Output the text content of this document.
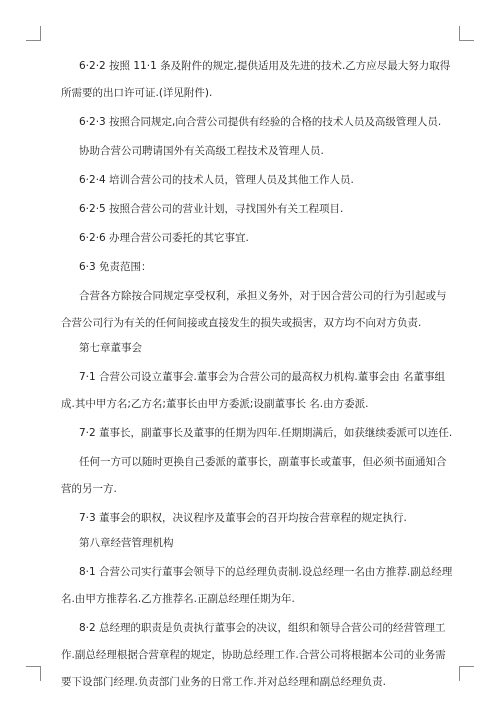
6·2·2 按照 11·1 条及附件的规定,提供适用及先进的技术.乙方应尽最大努力取得

所需要的出口许可证.(详见附件).

6·2·3 按照合同规定,向合营公司提供有经验的合格的技术人员及高级管理人员.

协助合营公司聘请国外有关高级工程技术及管理人员.

6·2·4 培训合营公司的技术人员，管理人员及其他工作人员.

6·2·5 按照合营公司的营业计划，寻找国外有关工程项目.

6·2·6 办理合营公司委托的其它事宜.

6·3 免责范围：

合营各方除按合同规定享受权利，承担义务外，对于因合营公司的行为引起或与

合营公司行为有关的任何间接或直接发生的损失或损害，双方均不向对方负责.

第七章董事会

7·1 合营公司设立董事会.董事会为合营公司的最高权力机构.董事会由 名董事组

成.其中甲方名;乙方名;董事长由甲方委派;设副董事长 名.由方委派.

7·2 董事长，副董事长及董事的任期为四年.任期期满后，如获继续委派可以连任.

任何一方可以随时更换自己委派的董事长，副董事长或董事，但必须书面通知合

营的另一方.

7·3 董事会的职权，决议程序及董事会的召开均按合营章程的规定执行.

第八章经营管理机构

8·1 合营公司实行董事会领导下的总经理负责制.设总经理一名由方推荐.副总经理

名.由甲方推荐名.乙方推荐名.正副总经理任期为年.

8·2 总经理的职责是负责执行董事会的决议，组织和领导合营公司的经营管理工

作.副总经理根据合营章程的规定，协助总经理工作.合营公司将根据本公司的业务需

要下设部门经理.负责部门业务的日常工作.并对总经理和副总经理负责.
